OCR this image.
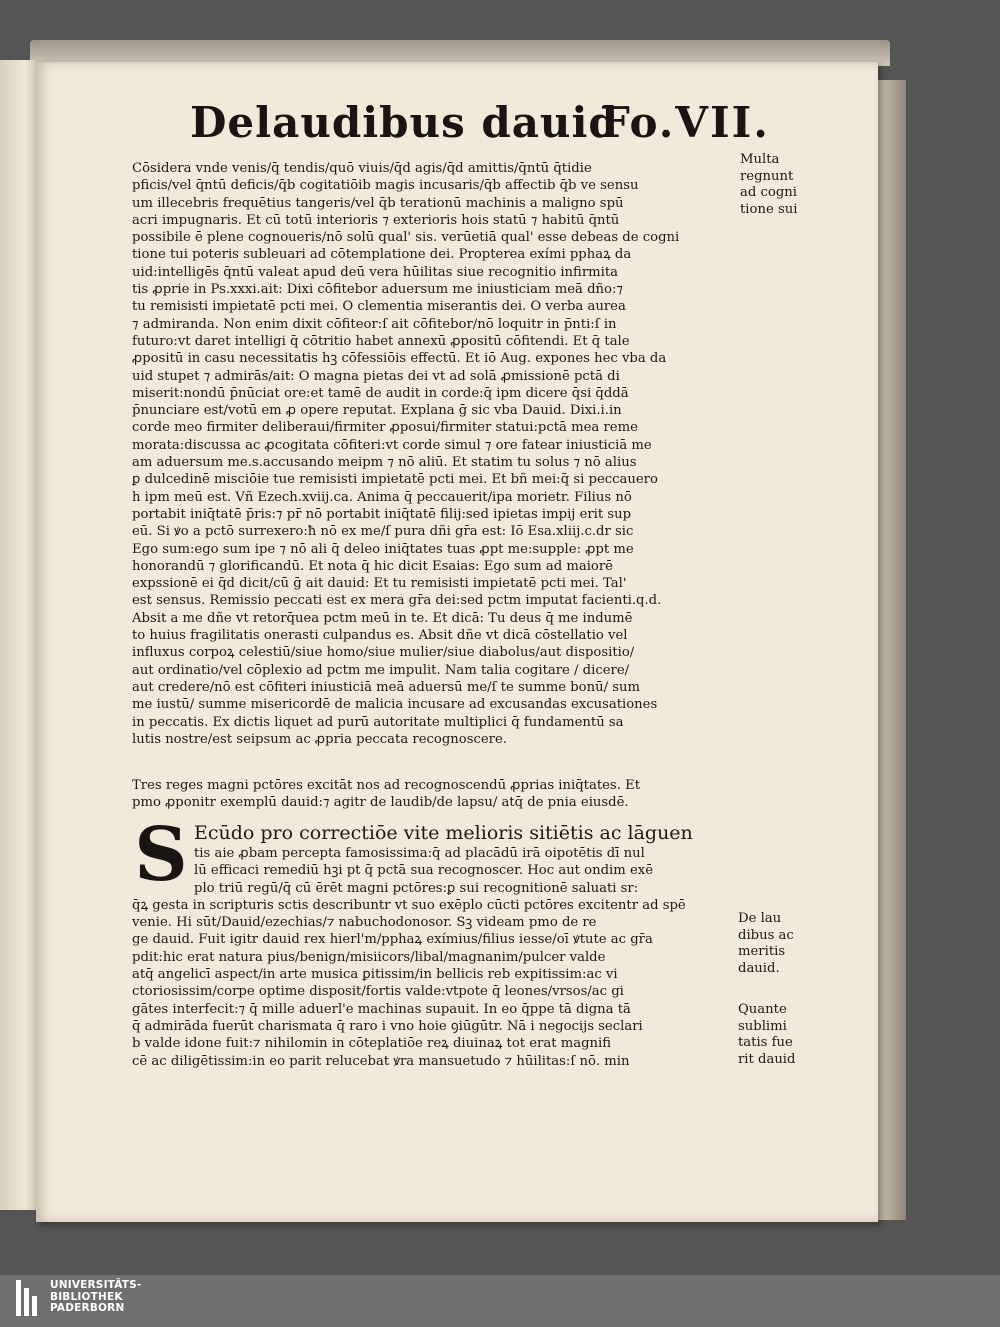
Delaudibus dauid
Fo.VII.
Cōsidera vnde venis/q̄ tendis/quō viuis/q̄d agis/q̄d amittis/q̄ntū q̄tidie
pficis/vel q̄ntū deficis/q̄b cogitatiōib magis incusaris/q̄b affectib q̄b ve sensu
um illecebris frequētius tangeris/vel q̄b terationū machinis a maligno spū
acri impugnaris. Et cū totū interioris ⁊ exterioris hois statū ⁊ habitū q̄ntū
possibile ē plene cognoueris/nō solū qual' sis. verūetiā qual' esse debeas de cogni
tione tui poteris subleuari ad cōtemplatione dei. Propterea exími pphaꝝ da
uid:intelligēs q̄ntū valeat apud deū vera hūilitas siue recognitio infirmita
tis ꝓprie in Ps.xxxi.ait: Dixi cōfitebor aduersum me iniusticiam meā dño:⁊
tu remisisti impietatē pcti mei. O clementia miserantis dei. O verba aurea
⁊ admiranda. Non enim dixit cōfiteor:ſ ait cōfitebor/nō loquitr in p̄nti:ſ in
futuro:vt daret intelligi q̄ cōtritio habet annexū ꝓpositū cōfitendi. Et q̄ tale
ꝓpositū in casu necessitatis hꝫ cōfessiōis effectū. Et iō Aug. expones hec vba da
uid stupet ⁊ admirās/ait: O magna pietas dei vt ad solā ꝓmissionē pctā di
miserit:nondū p̄nūciat ore:et tamē de audit in corde:q̄ ipm dicere q̄si q̄ddā
p̄nunciare est/votū em ꝓ opere reputat. Explana ḡ sic vba Dauid. Dixi.i.in
corde meo firmiter deliberaui/firmiter ꝓposui/firmiter statui:pctā mea reme
morata:discussa ac ꝓcogitata cōfiteri:vt corde simul ⁊ ore fatear iniusticiā me
am aduersum me.s.accusando meipm ⁊ nō aliū. Et statim tu solus ⁊ nō alius
ꝑ dulcedinē misciōie tue remisisti impietatē pcti mei. Et bñ mei:q̄ si peccauero
h̄ ipm meū est. Vñ Ezech.xviij.ca. Anima q̄ peccauerit/ipa morietr. Filius nō
portabit iniq̄tatē p̄ris:⁊ pr̄ nō portabit iniq̄tatē filij:sed ipietas impij erit sup
eū. Si ꝟo a pctō surrexero:ħ nō ex me/ſ pura dñi gr̄a est: Iō Esa.xliij.c.dr sic
Ego sum:ego sum ipe ⁊ nō ali q̄ deleo iniq̄tates tuas ꝓpt me:supple: ꝓpt me
honorandū ⁊ glorificandū. Et nota q̄ hic dicit Esaias: Ego sum ad maiorē
expssionē ei q̄d dicit/cū ḡ ait dauid: Et tu remisisti impietatē pcti mei. Tal'
est sensus. Remissio peccati est ex mera gr̄a dei:sed pctm imputat facienti.q.d.
Absit a me dñe vt retorq̄uea pctm meū in te. Et dicā: Tu deus q̄ me indumē
to huius fragilitatis onerasti culpandus es. Absit dñe vt dicā cōstellatio vel
influxus corpoꝝ celestiū/siue homo/siue mulier/siue diabolus/aut dispositio/
aut ordinatio/vel cōplexio ad pctm me impulit. Nam talia cogitare / dicere/
aut credere/nō est cōfiteri iniusticiā meā aduersū me/ſ te summe bonū/ sum
me iustū/ summe misericordē de malicia incusare ad excusandas excusationes
in peccatis. Ex dictis liquet ad purū autoritate multiplici q̄ fundamentū sa
lutis nostre/est seipsum ac ꝓpria peccata recognoscere.
Tres reges magni pctōres excitāt nos ad recognoscendū ꝓprias iniq̄tates. Et
pmo ꝓponitr exemplū dauid:⁊ agitr de laudib/de lapsu/ atq̄ de pnia eiusdē.
S Ecūdo pro correctiōe vite melioris sitiētis ac lāguen
tis aie ꝓbam percepta famosissima:q̄ ad placādū irā oipotētis dī nul
lū efficaci remediū hꝫi pt q̄ pctā sua recognoscer. Hoc aut ondim exē
plo triū regū/q̄ cū ērēt magni pctōres:ꝑ sui recognitionē saluati sr:
q̄ꝝ gesta in scripturis sctis describuntr vt suo exēplo cūcti pctōres excitentr ad spē
venie. Hi sūt/Dauid/ezechias/⁊ nabuchodonosor. Sꝫ videam pmo de re
ge dauid. Fuit igitr dauid rex hierl'm/pphaꝝ exímius/filius iesse/oī ꝟtute ac gr̄a
pdit:hic erat natura pius/benign/misiicors/libal/magnanim/pulcer valde
atq̄ angelicī aspect/in arte musica ꝑitissim/in bellicis reb expitissim:ac vi
ctoriosissim/corpe optime disposit/fortis valde:vtpote q̄ leones/vrsos/ac gi
gātes interfecit:⁊ q̄ mille aduerl'e machinas supauit. In eo q̄ppe tā digna tā
q̄ admirāda fuerūt charismata q̄ raro i vno hoie ꝯiūgūtr. Nā i negocijs seclari
b valde idone fuit:⁊ nihilomin in cōteplatiōe reꝝ diuinaꝝ tot erat magnifi
cē ac diligētissim:in eo parit relucebat ꝟra mansuetudo ⁊ hūilitas:ſ nō. min
Multa
regnunt
ad cogni
tione sui
De lau
dibus ac
meritis
dauid.
Quante
sublimi
tatis fue
rit dauid
UNIVERSITÄTS-
BIBLIOTHEK
PADERBORN
